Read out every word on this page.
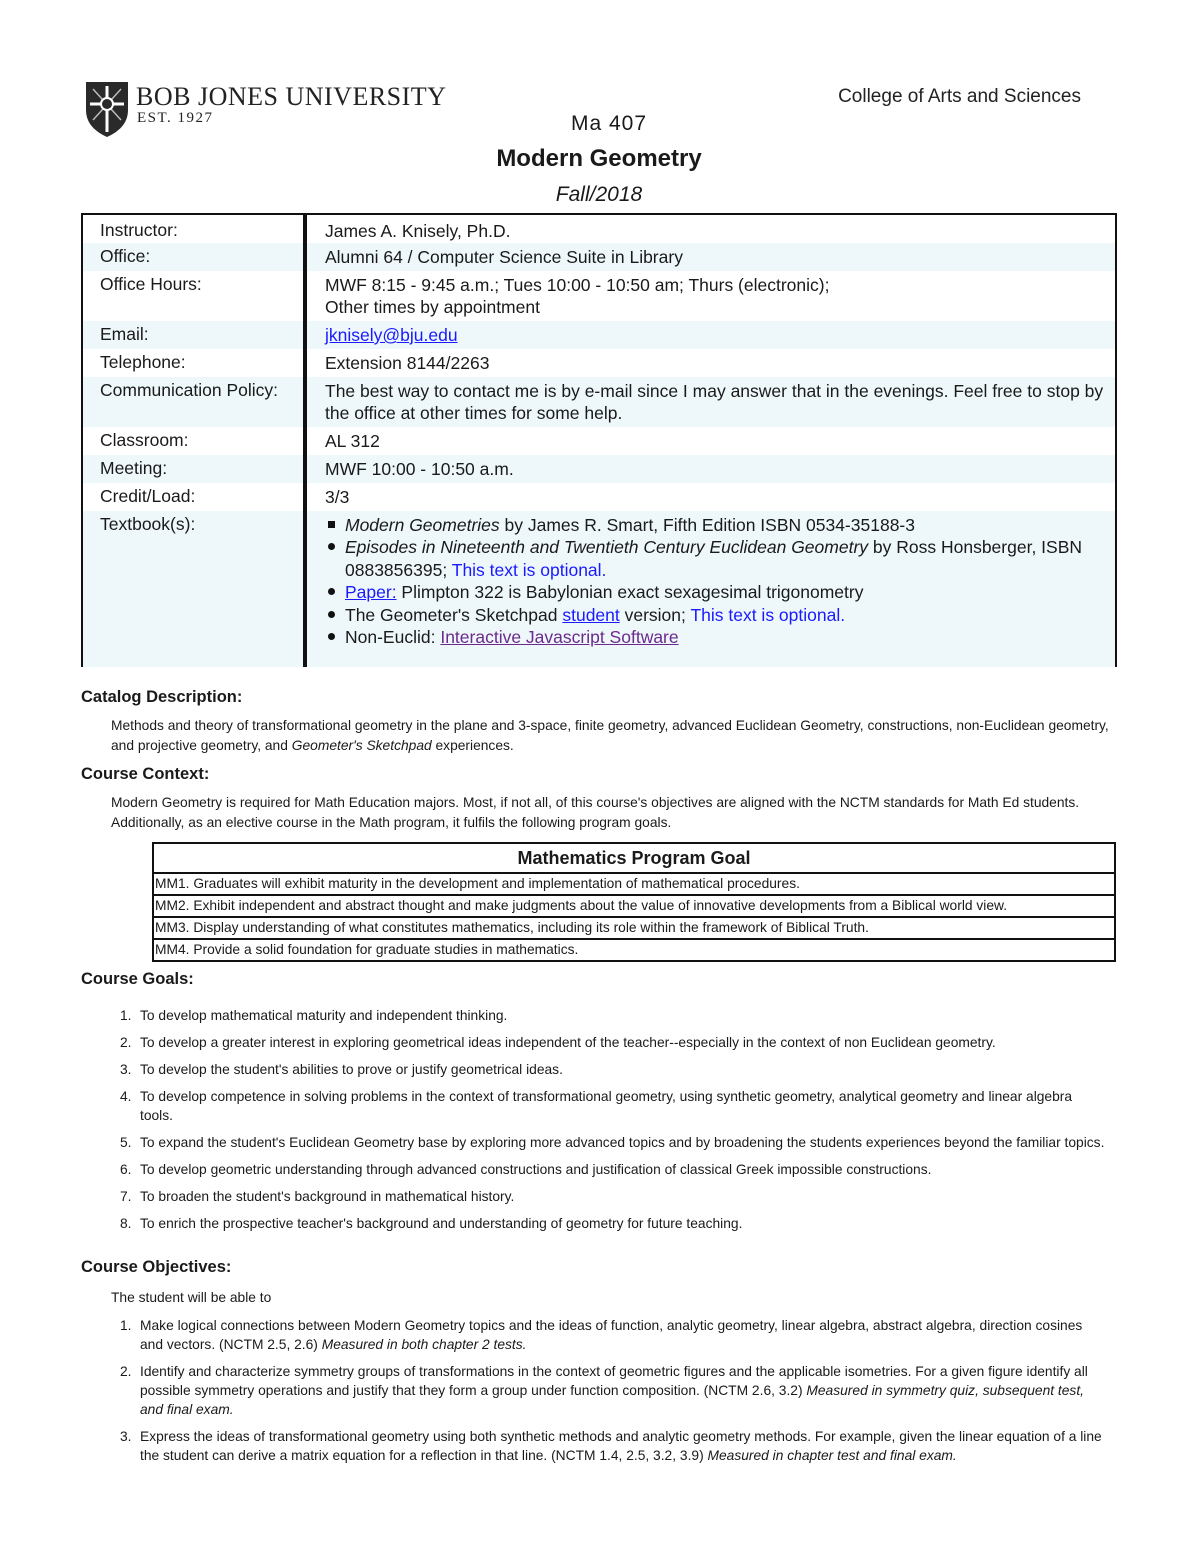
BOB JONES UNIVERSITY
EST. 1927
College of Arts and Sciences
Ma 407
Modern Geometry
Fall/2018
Instructor:	James A. Knisely, Ph.D.
Office:	Alumni 64 / Computer Science Suite in Library
Office Hours:	MWF 8:15 - 9:45 a.m.; Tues 10:00 - 10:50 am; Thurs (electronic);
Other times by appointment
Email:	jknisely@bju.edu
Telephone:	Extension 8144/2263
Communication Policy:	The best way to contact me is by e-mail since I may answer that in the evenings. Feel free to stop by the office at other times for some help.
Classroom:	AL 312
Meeting:	MWF 10:00 - 10:50 a.m.
Credit/Load:	3/3
Textbook(s):	Modern Geometries by James R. Smart, Fifth Edition ISBN 0534-35188-3
Episodes in Nineteenth and Twentieth Century Euclidean Geometry by Ross Honsberger, ISBN 0883856395; This text is optional.
Paper: Plimpton 322 is Babylonian exact sexagesimal trigonometry
The Geometer's Sketchpad student version; This text is optional.
Non-Euclid: Interactive Javascript Software
Catalog Description:
Methods and theory of transformational geometry in the plane and 3-space, finite geometry, advanced Euclidean Geometry, constructions, non-Euclidean geometry, and projective geometry, and Geometer's Sketchpad experiences.
Course Context:
Modern Geometry is required for Math Education majors. Most, if not all, of this course's objectives are aligned with the NCTM standards for Math Ed students. Additionally, as an elective course in the Math program, it fulfils the following program goals.
Mathematics Program Goal
MM1. Graduates will exhibit maturity in the development and implementation of mathematical procedures.
MM2. Exhibit independent and abstract thought and make judgments about the value of innovative developments from a Biblical world view.
MM3. Display understanding of what constitutes mathematics, including its role within the framework of Biblical Truth.
MM4. Provide a solid foundation for graduate studies in mathematics.
Course Goals:
1. To develop mathematical maturity and independent thinking.
2. To develop a greater interest in exploring geometrical ideas independent of the teacher--especially in the context of non Euclidean geometry.
3. To develop the student's abilities to prove or justify geometrical ideas.
4. To develop competence in solving problems in the context of transformational geometry, using synthetic geometry, analytical geometry and linear algebra tools.
5. To expand the student's Euclidean Geometry base by exploring more advanced topics and by broadening the students experiences beyond the familiar topics.
6. To develop geometric understanding through advanced constructions and justification of classical Greek impossible constructions.
7. To broaden the student's background in mathematical history.
8. To enrich the prospective teacher's background and understanding of geometry for future teaching.
Course Objectives:
The student will be able to
1. Make logical connections between Modern Geometry topics and the ideas of function, analytic geometry, linear algebra, abstract algebra, direction cosines and vectors. (NCTM 2.5, 2.6) Measured in both chapter 2 tests.
2. Identify and characterize symmetry groups of transformations in the context of geometric figures and the applicable isometries. For a given figure identify all possible symmetry operations and justify that they form a group under function composition. (NCTM 2.6, 3.2) Measured in symmetry quiz, subsequent test, and final exam.
3. Express the ideas of transformational geometry using both synthetic methods and analytic geometry methods. For example, given the linear equation of a line the student can derive a matrix equation for a reflection in that line. (NCTM 1.4, 2.5, 3.2, 3.9) Measured in chapter test and final exam.
